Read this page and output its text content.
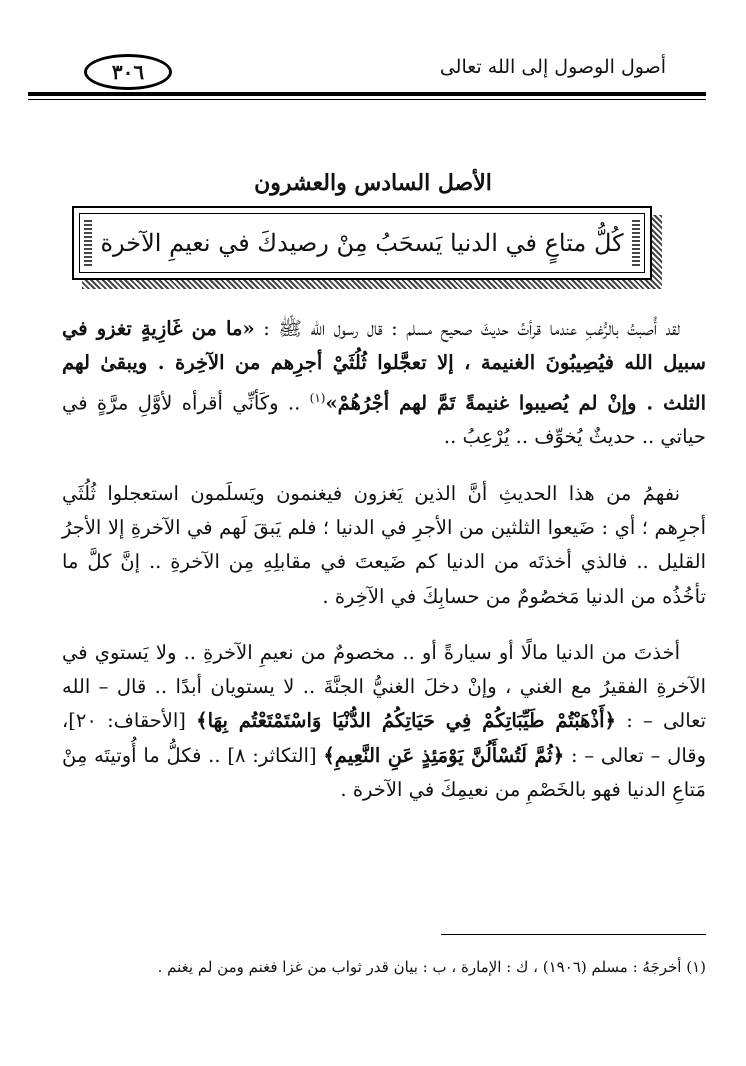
أصول الوصول إلى الله تعالى
٣٠٦
الأصل السادس والعشرون
كُلُّ متاعٍ في الدنيا يَسحَبُ مِنْ رصيدكَ في نعيمِ الآخرة

لقد أُصبتُ بالرُّغبِ عندما قرأتُ حديثَ صحيح مسلم : قال رسول الله ﷺ : «ما من غَازِيةٍ تغزو في سبيل الله فيُصِيبُونَ الغنيمة ، إلا تعجَّلوا ثُلُثَيْ أجرِهم من الآخِرة . ويبقىٰ لهم الثلث . وإنْ لم يُصيبوا غنيمةً تَمَّ لهم أجْرُهُمْ»$^{(١)}$ .. وكَأنِّي أقرأه لأوَّلِ مرَّةٍ في حياتي .. حديثٌ يُخوِّف .. يُرْعِبُ ..

نفهمُ من هذا الحديثِ أنَّ الذين يَغزون فيغنمون ويَسلَمون استعجلوا ثُلُثَي أجرِهم ؛ أي : ضَيعوا الثلثين من الأجرِ في الدنيا ؛ فلم يَبقَ لَهم في الآخرةِ إلا الأجرُ القليل .. فالذي أخذتَه من الدنيا كم ضَيعتَ في مقابلِهِ مِن الآخرةِ .. إنَّ كلَّ ما تأخُذُه من الدنيا مَخصُومٌ من حسابِكَ في الآخِرة .

أخذتَ من الدنيا مالًا أو سيارةً أو .. مخصومٌ من نعيمِ الآخرةِ .. ولا يَستوي في الآخرةِ الفقيرُ مع الغني ، وإنْ دخلَ الغنيُّ الجنَّةَ .. لا يستويان أبدًا .. قال – الله تعالى – : ﴿أَذْهَبْتُمْ طَيِّبَاتِكُمْ فِي حَيَاتِكُمُ الدُّنْيَا وَاسْتَمْتَعْتُم بِهَا﴾ [الأحقاف: ٢٠]، وقال – تعالى – : ﴿ثُمَّ لَتُسْأَلُنَّ يَوْمَئِذٍ عَنِ النَّعِيمِ﴾ [التكاثر: ٨] .. فكلُّ ما أُوتيتَه مِنْ مَتاعِ الدنيا فهو بالخَصْمِ من نعيمِكَ في الآخرة .

(١) أخرجَهُ : مسلم (١٩٠٦) ، ك : الإمارة ، ب : بيان قدر ثواب من غزا فغنم ومن لم يغنم .
